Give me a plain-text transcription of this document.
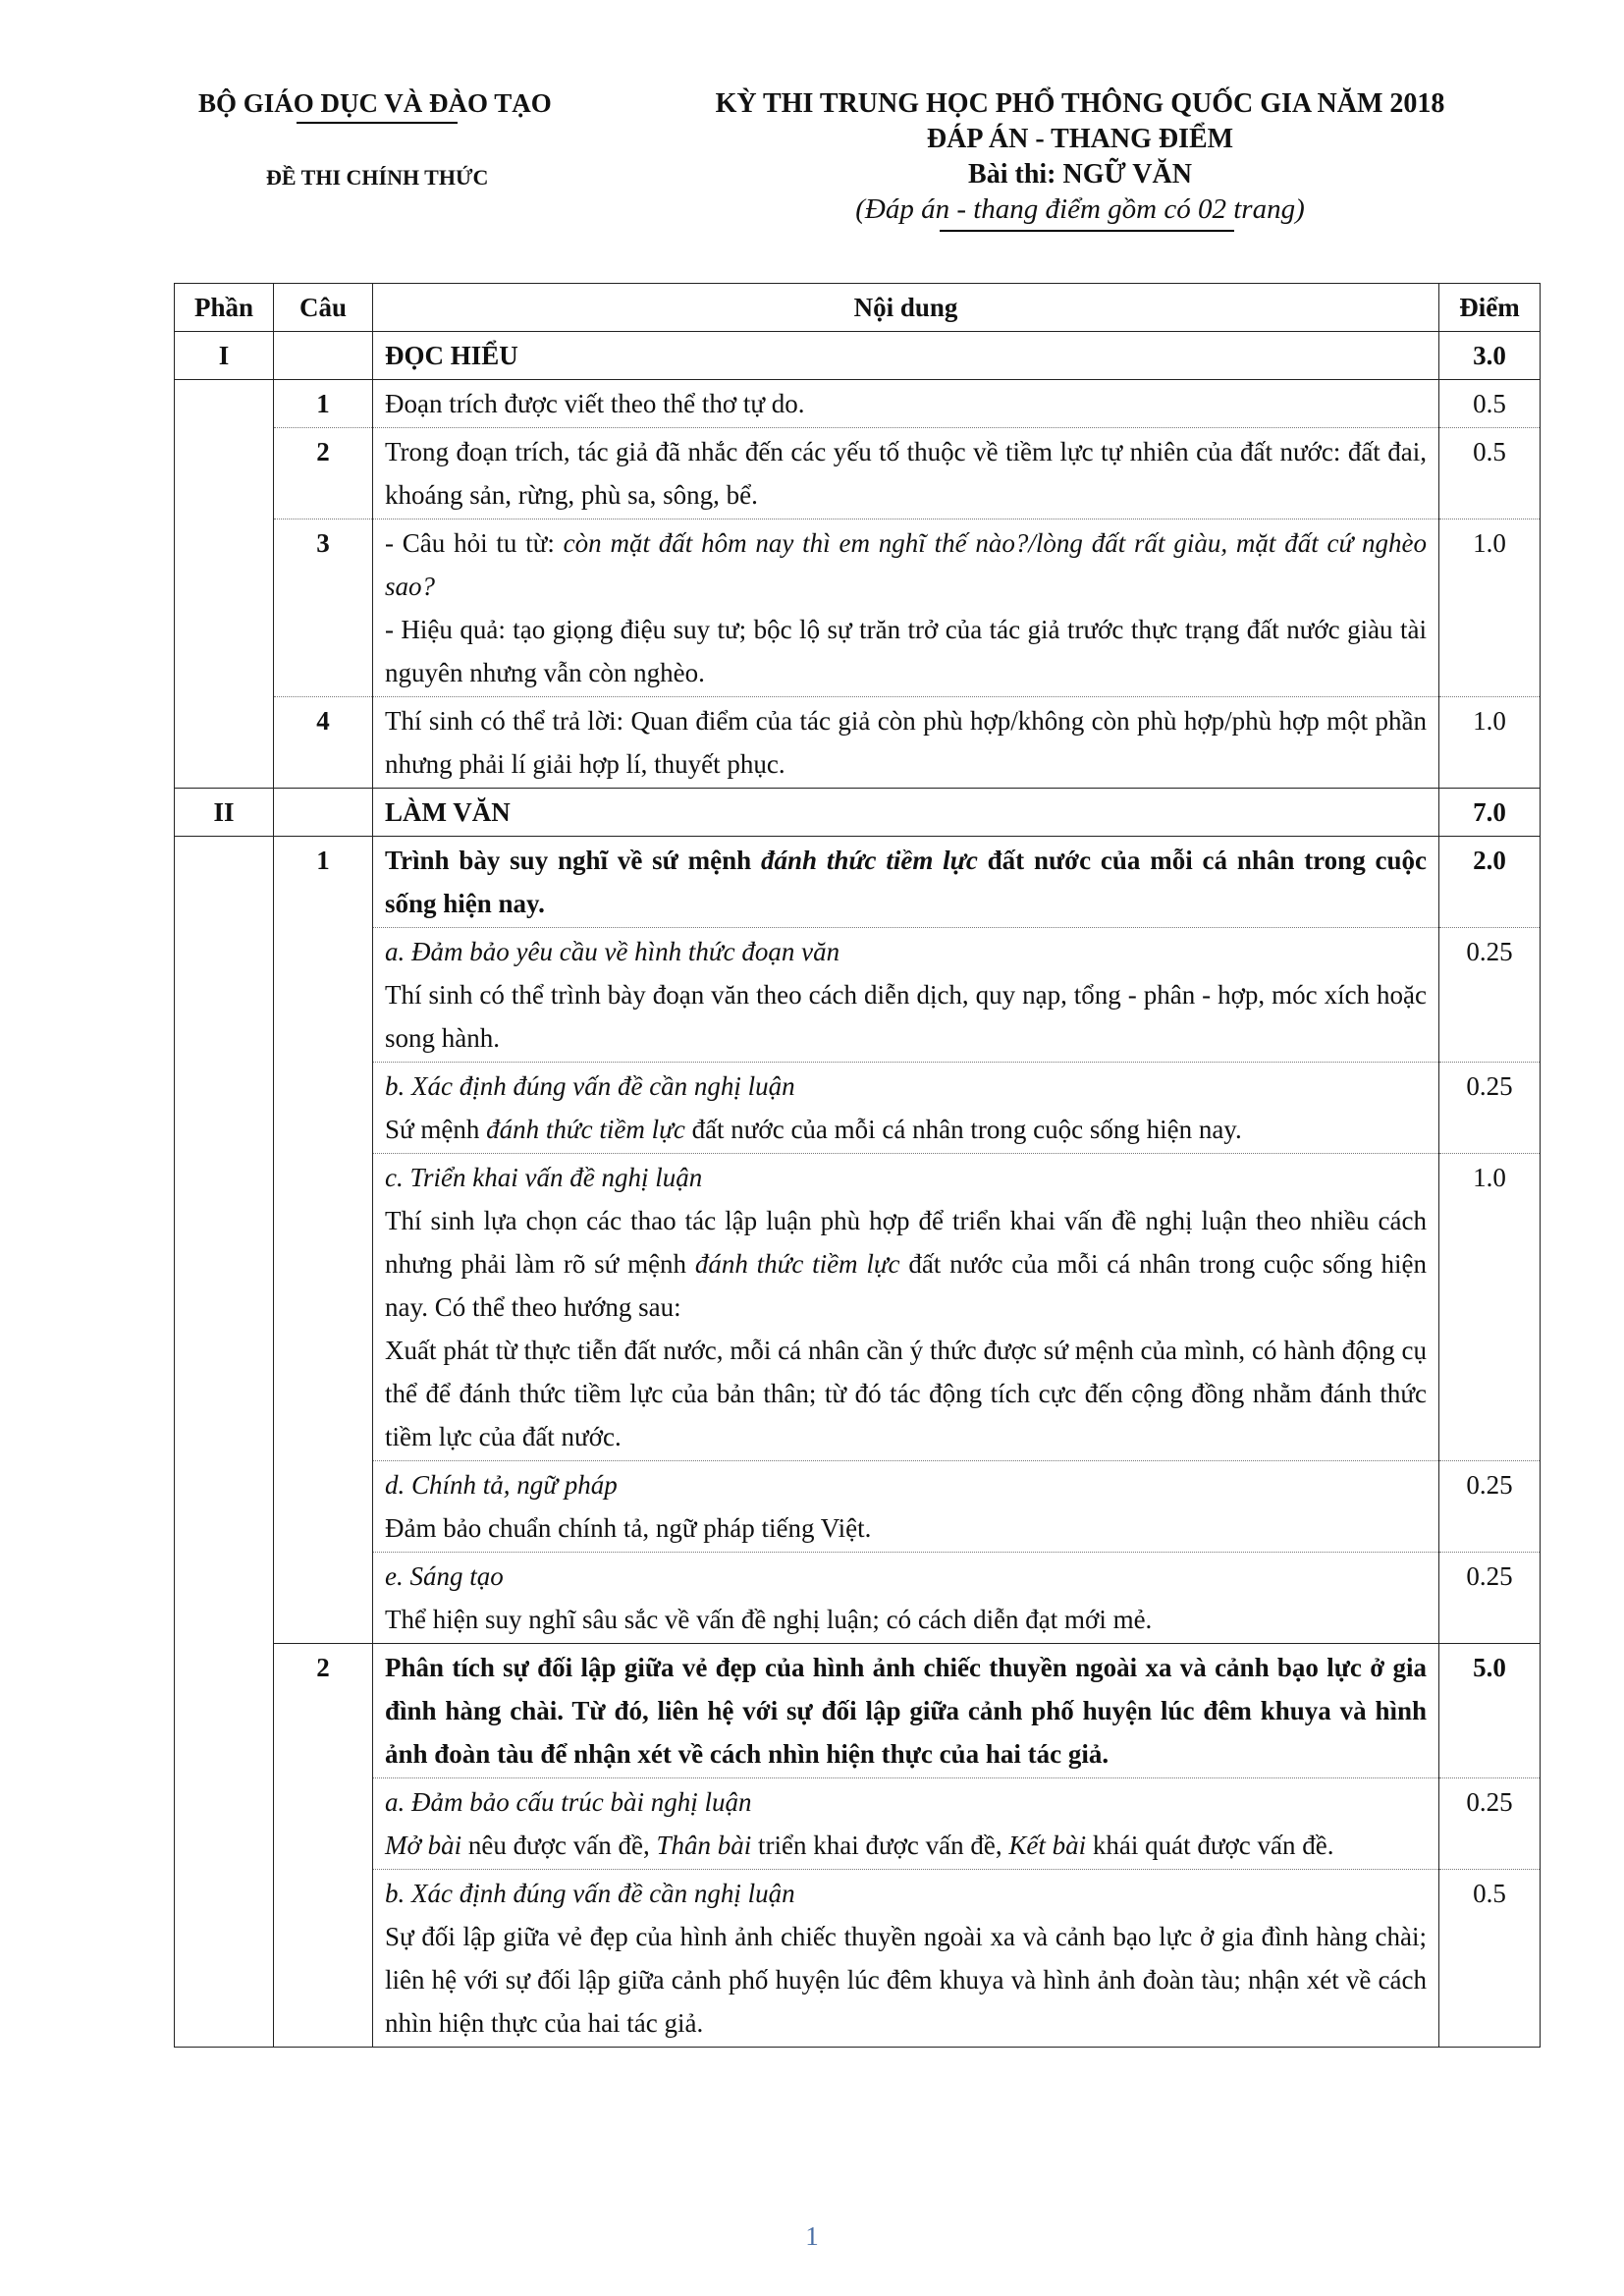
BỘ GIÁO DỤC VÀ ĐÀO TẠO
ĐỀ THI CHÍNH THỨC
KỲ THI TRUNG HỌC PHỔ THÔNG QUỐC GIA NĂM 2018
ĐÁP ÁN - THANG ĐIỂM
Bài thi: NGỮ VĂN
(Đáp án - thang điểm gồm có 02 trang)
Phần	Câu	Nội dung	Điểm
I		ĐỌC HIỂU	3.0
	1	Đoạn trích được viết theo thể thơ tự do.	0.5
	2	Trong đoạn trích, tác giả đã nhắc đến các yếu tố thuộc về tiềm lực tự nhiên của đất nước: đất đai, khoáng sản, rừng, phù sa, sông, bể.	0.5
	3	- Câu hỏi tu từ: còn mặt đất hôm nay thì em nghĩ thế nào?/lòng đất rất giàu, mặt đất cứ nghèo sao?
- Hiệu quả: tạo giọng điệu suy tư; bộc lộ sự trăn trở của tác giả trước thực trạng đất nước giàu tài nguyên nhưng vẫn còn nghèo.	1.0
	4	Thí sinh có thể trả lời: Quan điểm của tác giả còn phù hợp/không còn phù hợp/phù hợp một phần nhưng phải lí giải hợp lí, thuyết phục.	1.0
II		LÀM VĂN	7.0
	1	Trình bày suy nghĩ về sứ mệnh đánh thức tiềm lực đất nước của mỗi cá nhân trong cuộc sống hiện nay.	2.0

		a. Đảm bảo yêu cầu về hình thức đoạn văn
Thí sinh có thể trình bày đoạn văn theo cách diễn dịch, quy nạp, tổng - phân - hợp, móc xích hoặc song hành.	0.25

		b. Xác định đúng vấn đề cần nghị luận
Sứ mệnh đánh thức tiềm lực đất nước của mỗi cá nhân trong cuộc sống hiện nay.	0.25

		c. Triển khai vấn đề nghị luận
Thí sinh lựa chọn các thao tác lập luận phù hợp để triển khai vấn đề nghị luận theo nhiều cách nhưng phải làm rõ sứ mệnh đánh thức tiềm lực đất nước của mỗi cá nhân trong cuộc sống hiện nay. Có thể theo hướng sau:
Xuất phát từ thực tiễn đất nước, mỗi cá nhân cần ý thức được sứ mệnh của mình, có hành động cụ thể để đánh thức tiềm lực của bản thân; từ đó tác động tích cực đến cộng đồng nhằm đánh thức tiềm lực của đất nước.	1.0

		d. Chính tả, ngữ pháp
Đảm bảo chuẩn chính tả, ngữ pháp tiếng Việt.	0.25

		e. Sáng tạo
Thể hiện suy nghĩ sâu sắc về vấn đề nghị luận; có cách diễn đạt mới mẻ.	0.25
	2	Phân tích sự đối lập giữa vẻ đẹp của hình ảnh chiếc thuyền ngoài xa và cảnh bạo lực ở gia đình hàng chài. Từ đó, liên hệ với sự đối lập giữa cảnh phố huyện lúc đêm khuya và hình ảnh đoàn tàu để nhận xét về cách nhìn hiện thực của hai tác giả.	5.0

		a. Đảm bảo cấu trúc bài nghị luận
Mở bài nêu được vấn đề, Thân bài triển khai được vấn đề, Kết bài khái quát được vấn đề.	0.25

		b. Xác định đúng vấn đề cần nghị luận
Sự đối lập giữa vẻ đẹp của hình ảnh chiếc thuyền ngoài xa và cảnh bạo lực ở gia đình hàng chài; liên hệ với sự đối lập giữa cảnh phố huyện lúc đêm khuya và hình ảnh đoàn tàu; nhận xét về cách nhìn hiện thực của hai tác giả.	0.5

1
